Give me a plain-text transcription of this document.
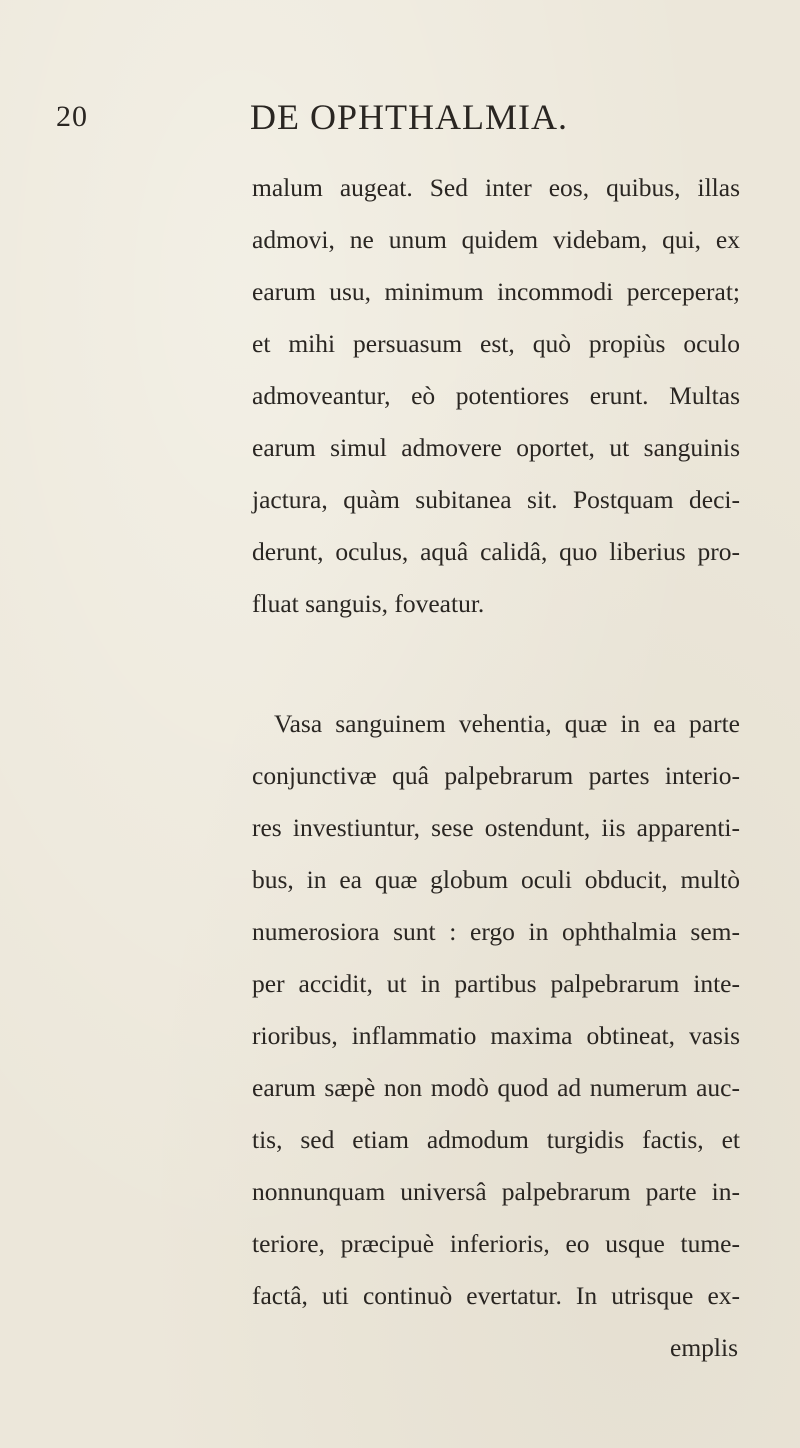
20	DE OPHTHALMIA.
malum augeat. Sed inter eos, quibus, illas
admovi, ne unum quidem videbam, qui, ex
earum usu, minimum incommodi perceperat;
et mihi persuasum est, quò propiùs oculo
admoveantur, eò potentiores erunt. Multas
earum simul admovere oportet, ut sanguinis
jactura, quàm subitanea sit. Postquam deci-
derunt, oculus, aquâ calidâ, quo liberius pro-
fluat sanguis, foveatur.
Vasa sanguinem vehentia, quæ in ea parte
conjunctivæ quâ palpebrarum partes interio-
res investiuntur, sese ostendunt, iis apparenti-
bus, in ea quæ globum oculi obducit, multò
numerosiora sunt : ergo in ophthalmia sem-
per accidit, ut in partibus palpebrarum inte-
rioribus, inflammatio maxima obtineat, vasis
earum sæpè non modò quod ad numerum auc-
tis, sed etiam admodum turgidis factis, et
nonnunquam universâ palpebrarum parte in-
teriore, præcipuè inferioris, eo usque tume-
factâ, uti continuò evertatur. In utrisque ex-
emplis
